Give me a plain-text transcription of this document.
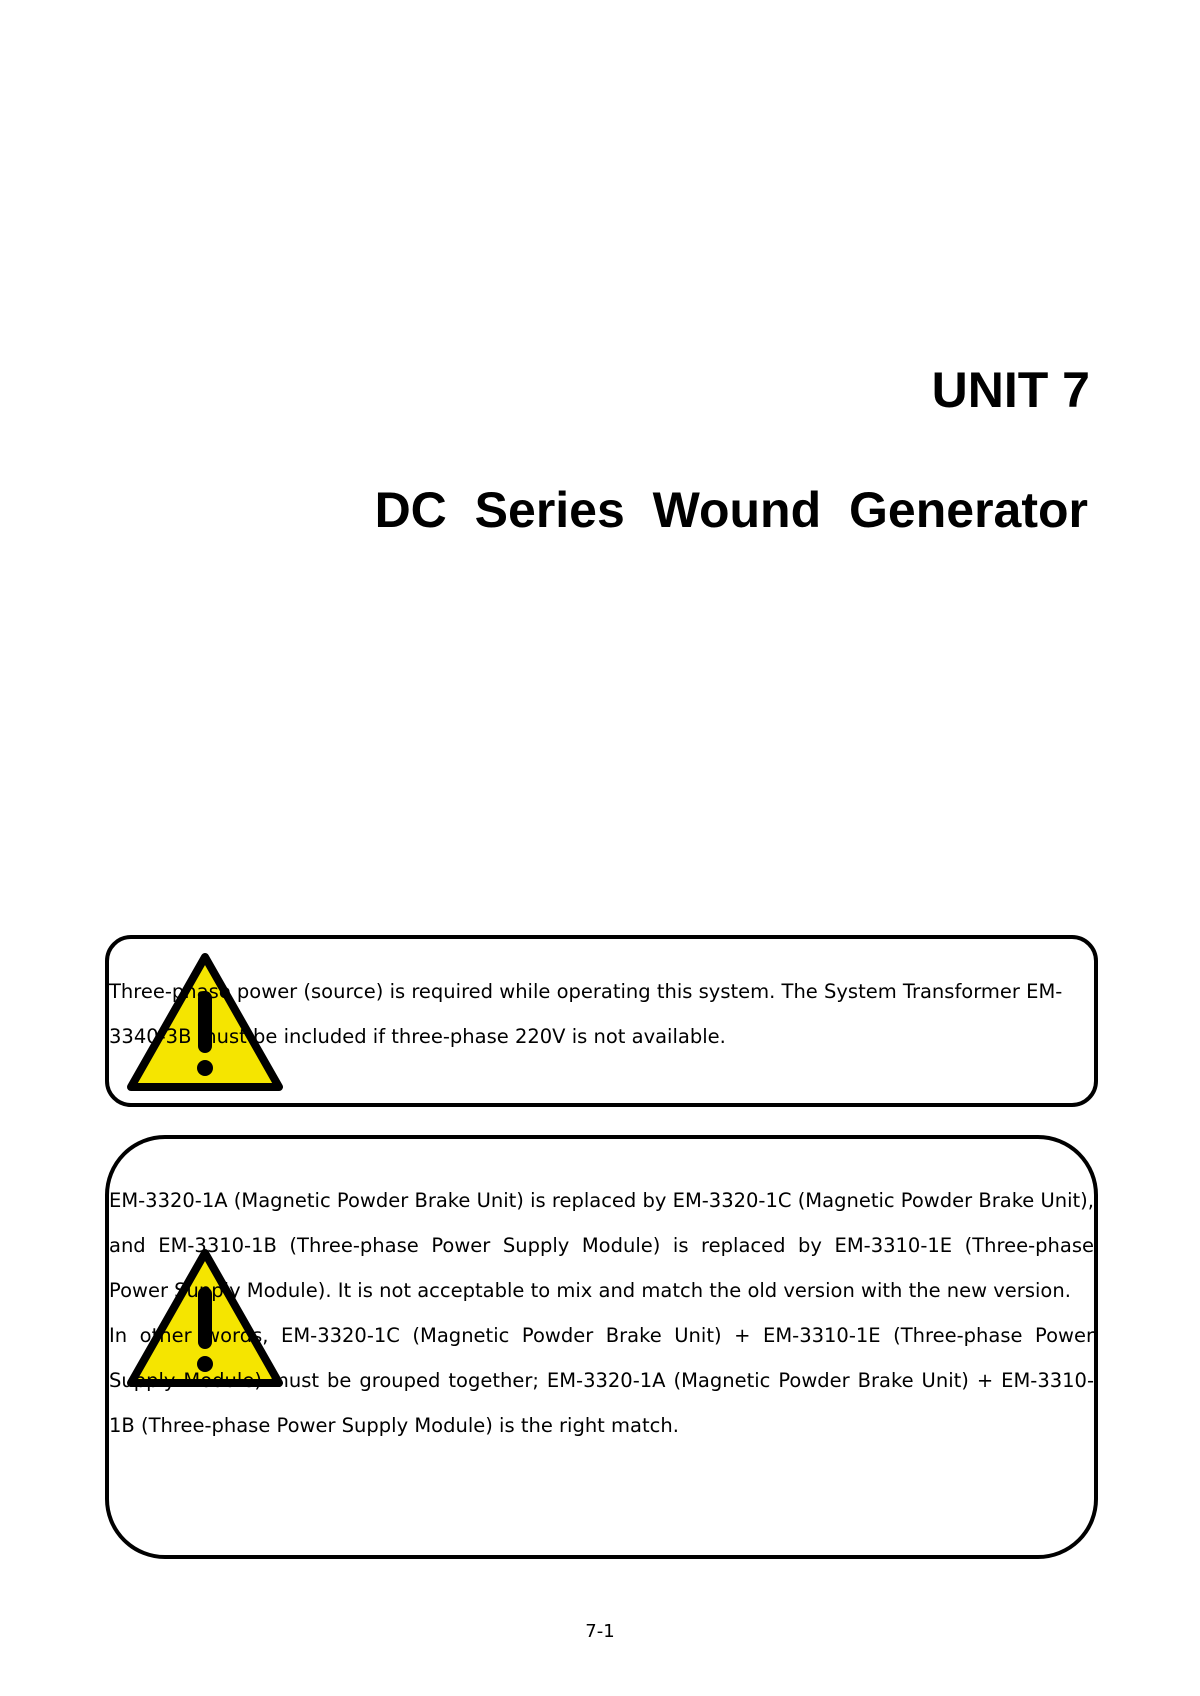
UNIT 7
DC Series Wound Generator
Three-phase power (source) is required while operating this system. The System Transformer EM-3340-3B must be included if three-phase 220V is not available.

EM-3320-1A (Magnetic Powder Brake Unit) is replaced by EM-3320-1C (Magnetic Powder Brake Unit), and EM-3310-1B (Three-phase Power Supply Module) is replaced by EM-3310-1E (Three-phase Power Supply Module). It is not acceptable to mix and match the old version with the new version.

In other words, EM-3320-1C (Magnetic Powder Brake Unit) + EM-3310-1E (Three-phase Power Supply Module) must be grouped together; EM-3320-1A (Magnetic Powder Brake Unit) + EM-3310-1B (Three-phase Power Supply Module) is the right match.

7-1
